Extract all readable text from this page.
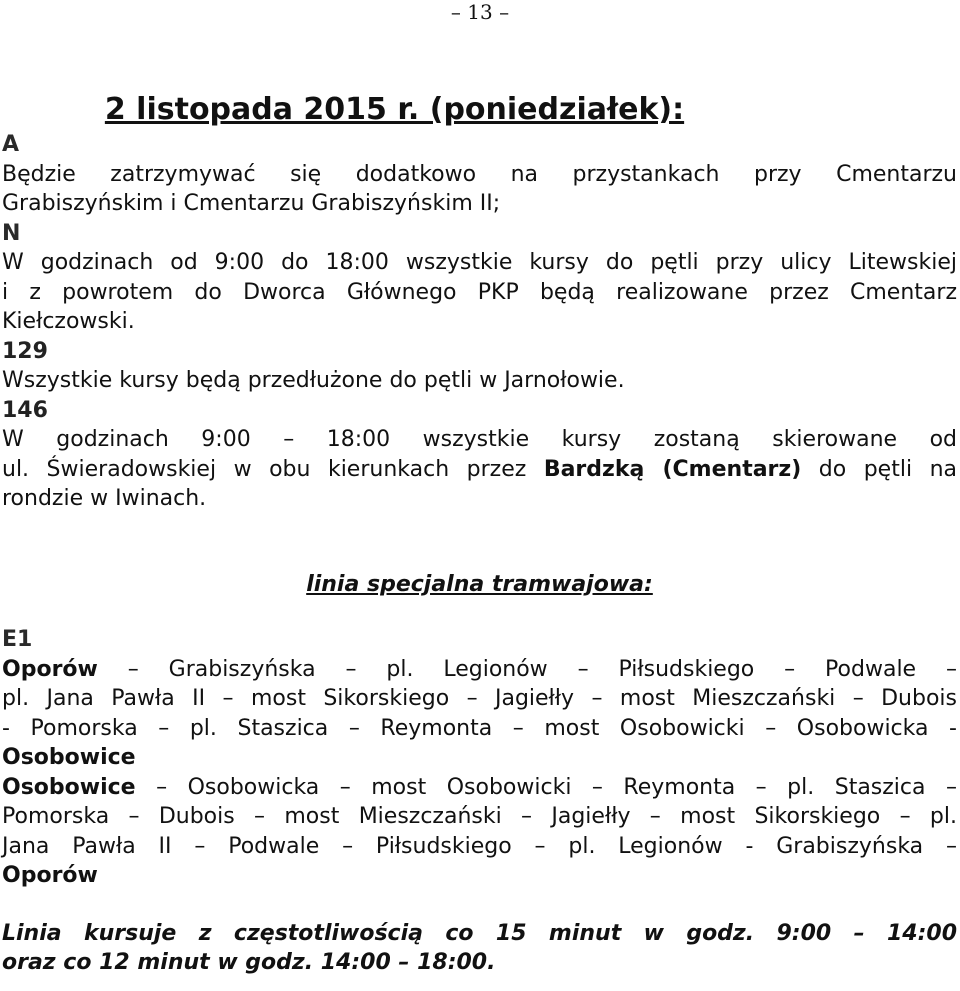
– 13 –
2 listopada 2015 r. (poniedziałek):
A
Będzie zatrzymywać się dodatkowo na przystankach przy Cmentarzu
Grabiszyńskim i Cmentarzu Grabiszyńskim II;
N
W godzinach od 9:00 do 18:00 wszystkie kursy do pętli przy ulicy Litewskiej
i z powrotem do Dworca Głównego PKP będą realizowane przez Cmentarz
Kiełczowski.
129
Wszystkie kursy będą przedłużone do pętli w Jarnołowie.
146
W godzinach 9:00 – 18:00 wszystkie kursy zostaną skierowane od
ul. Świeradowskiej w obu kierunkach przez Bardzką (Cmentarz) do pętli na
rondzie w Iwinach.
linia specjalna tramwajowa:
E1
Oporów – Grabiszyńska – pl. Legionów – Piłsudskiego – Podwale –
pl. Jana Pawła II – most Sikorskiego – Jagiełły – most Mieszczański – Dubois
- Pomorska – pl. Staszica – Reymonta – most Osobowicki – Osobowicka -
Osobowice
Osobowice – Osobowicka – most Osobowicki – Reymonta – pl. Staszica –
Pomorska – Dubois – most Mieszczański – Jagiełły – most Sikorskiego – pl.
Jana Pawła II – Podwale – Piłsudskiego – pl. Legionów - Grabiszyńska –
Oporów
Linia kursuje z częstotliwością co 15 minut w godz. 9:00 – 14:00
oraz co 12 minut w godz. 14:00 – 18:00.
